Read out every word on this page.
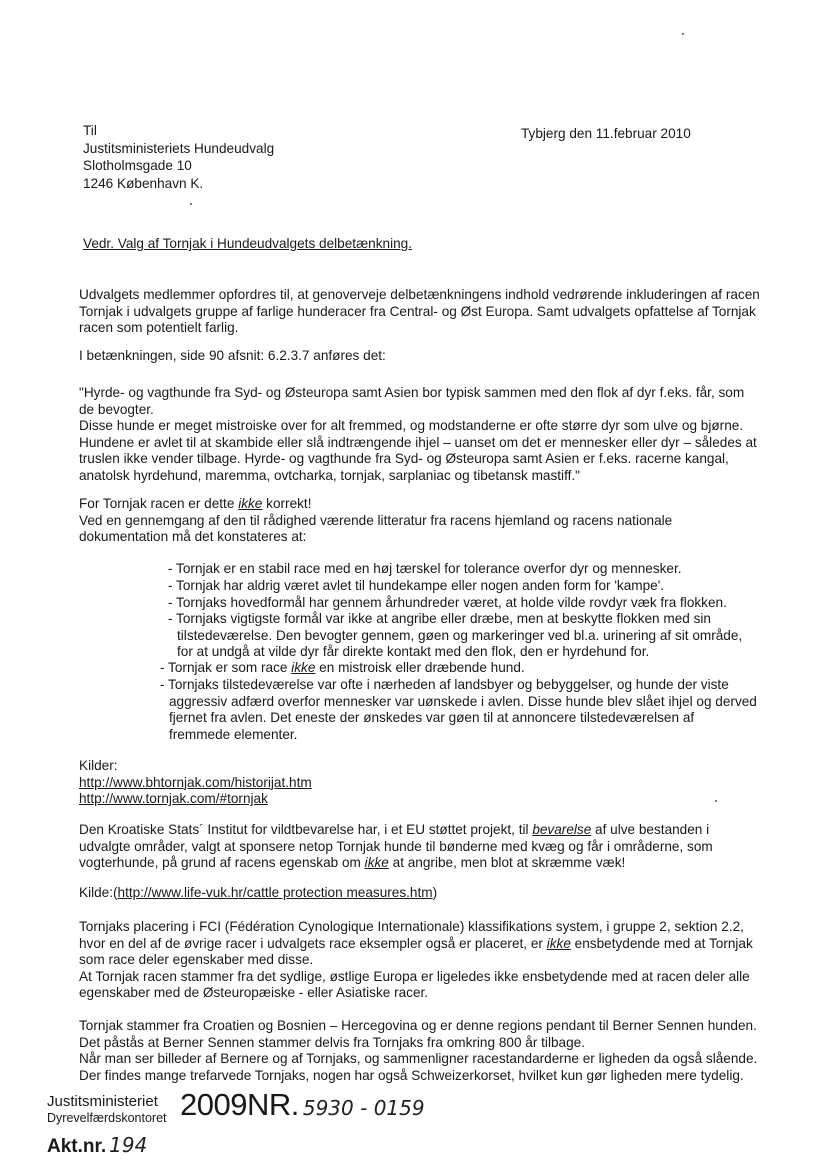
Til
Justitsministeriets Hundeudvalg
Slotholmsgade 10
1246 København K.
Tybjerg den 11.februar 2010
Vedr. Valg af Tornjak i Hundeudvalgets delbetænkning.
Udvalgets medlemmer opfordres til, at genoverveje delbetænkningens indhold vedrørende inkluderingen af racen
Tornjak i udvalgets gruppe af farlige hunderacer fra Central- og Øst Europa. Samt udvalgets opfattelse af Tornjak
racen som potentielt farlig.
I betænkningen, side 90 afsnit: 6.2.3.7 anføres det:
"Hyrde- og vagthunde fra Syd- og Østeuropa samt Asien bor typisk sammen med den flok af dyr f.eks. får, som
de bevogter.
Disse hunde er meget mistroiske over for alt fremmed, og modstanderne er ofte større dyr som ulve og bjørne.
Hundene er avlet til at skambide eller slå indtrængende ihjel – uanset om det er mennesker eller dyr – således at
truslen ikke vender tilbage. Hyrde- og vagthunde fra Syd- og Østeuropa samt Asien er f.eks. racerne kangal,
anatolsk hyrdehund, maremma, ovtcharka, tornjak, sarplaniac og tibetansk mastiff."
For Tornjak racen er dette ikke korrekt!
Ved en gennemgang af den til rådighed værende litteratur fra racens hjemland og racens nationale
dokumentation må det konstateres at:
- Tornjak er en stabil race med en høj tærskel for tolerance overfor dyr og mennesker.
- Tornjak har aldrig været avlet til hundekampe eller nogen anden form for 'kampe'.
- Tornjaks hovedformål har gennem århundreder været, at holde vilde rovdyr væk fra flokken.
- Tornjaks vigtigste formål var ikke at angribe eller dræbe, men at beskytte flokken med sin
tilstedeværelse. Den bevogter gennem, gøen og markeringer ved bl.a. urinering af sit område,
for at undgå at vilde dyr får direkte kontakt med den flok, den er hyrdehund for.
- Tornjak er som race ikke en mistroisk eller dræbende hund.
- Tornjaks tilstedeværelse var ofte i nærheden af landsbyer og bebyggelser, og hunde der viste
aggressiv adfærd overfor mennesker var uønskede i avlen. Disse hunde blev slået ihjel og derved
fjernet fra avlen. Det eneste der ønskedes var gøen til at annoncere tilstedeværelsen af
fremmede elementer.
Kilder:
http://www.bhtornjak.com/historijat.htm
http://www.tornjak.com/#tornjak
Den Kroatiske Stats´ Institut for vildtbevarelse har, i et EU støttet projekt, til bevarelse af ulve bestanden i
udvalgte områder, valgt at sponsere netop Tornjak hunde til bønderne med kvæg og får i områderne, som
vogterhunde, på grund af racens egenskab om ikke at angribe, men blot at skræmme væk!
Kilde:(http://www.life-vuk.hr/cattle protection measures.htm)
Tornjaks placering i FCI (Fédération Cynologique Internationale) klassifikations system, i gruppe 2, sektion 2.2,
hvor en del af de øvrige racer i udvalgets race eksempler også er placeret, er ikke ensbetydende med at Tornjak
som race deler egenskaber med disse.
At Tornjak racen stammer fra det sydlige, østlige Europa er ligeledes ikke ensbetydende med at racen deler alle
egenskaber med de Østeuropæiske - eller Asiatiske racer.
Tornjak stammer fra Croatien og Bosnien – Hercegovina og er denne regions pendant til Berner Sennen hunden.
Det påstås at Berner Sennen stammer delvis fra Tornjaks fra omkring 800 år tilbage.
Når man ser billeder af Bernere og af Tornjaks, og sammenligner racestandarderne er ligheden da også slående.
Der findes mange trefarvede Tornjaks, nogen har også Schweizerkorset, hvilket kun gør ligheden mere tydelig.
Justitsministeriet
Dyrevelfærdskontoret 2009NR. 5930 - 0159
Akt.nr. 194
